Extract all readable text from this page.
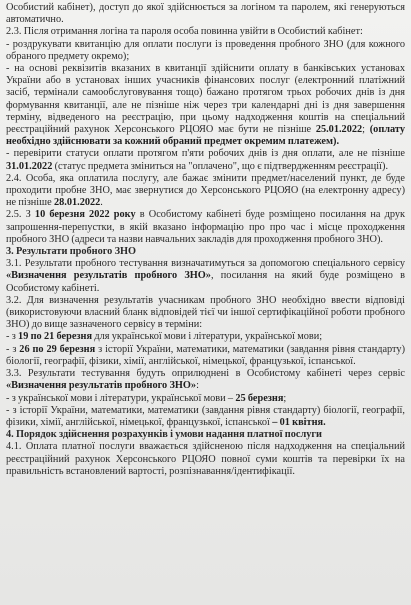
Особистий кабінет), доступ до якої здійснюється за логіном та паролем, які генеруються автоматично.

2.3. Після отримання логіна та пароля особа повинна увійти в Особистий кабінет:

- роздрукувати квитанцію для оплати послуги із проведення пробного ЗНО (для кожного обраного предмету окремо);

- на основі реквізитів вказаних в квитанції здійснити оплату в банківських установах України або в установах інших учасників фінансових послуг (електронний платіжний засіб, термінали самообслуговування тощо) бажано протягом трьох робочих днів із дня формування квитанції, але не пізніше ніж через три календарні дні із дня завершення терміну, відведеного на реєстрацію, при цьому надходження коштів на спеціальний реєстраційний рахунок Херсонського РЦОЯО має бути не пізніше 25.01.2022; (оплату необхідно здійснювати за кожний обраний предмет окремим платежем).

- перевірити статуси оплати протягом п'яти робочих днів із дня оплати, але не пізніше 31.01.2022 (статус предмета зміниться на "оплачено", що є підтвердженням реєстрації).

2.4. Особа, яка оплатила послугу, але бажає змінити предмет/населений пункт, де буде проходити пробне ЗНО, має звернутися до Херсонського РЦОЯО (на електронну адресу) не пізніше 28.01.2022.

2.5. З 10 березня 2022 року в Особистому кабінеті буде розміщено посилання на друк запрошення-перепустки, в якій вказано інформацію про про час і місце проходження пробного ЗНО (адреси та назви навчальних закладів для проходження пробного ЗНО).

3. Результати пробного ЗНО

3.1. Результати пробного тестування визначатимуться за допомогою спеціального сервісу «Визначення результатів пробного ЗНО», посилання на який буде розміщено в Особистому кабінеті.

3.2. Для визначення результатів учасникам пробного ЗНО необхідно ввести відповіді (використовуючи власний бланк відповідей тієї чи іншої сертифікаційної роботи пробного ЗНО) до вище зазначеного сервісу в терміни:

- з 19 по 21 березня для української мови і літератури, української мови;

- з 26 по 29 березня з історії України, математики, математики (завдання рівня стандарту) біології, географії, фізики, хімії, англійської, німецької, французької, іспанської.

3.3. Результати тестування будуть оприлюднені в Особистому кабінеті через сервіс «Визначення результатів пробного ЗНО»:

- з української мови і літератури, української мови – 25 березня;

- з історії України, математики, математики (завдання рівня стандарту) біології, географії, фізики, хімії, англійської, німецької, французької, іспанської – 01 квітня.

4. Порядок здійснення розрахунків і умови надання платної послуги

4.1. Оплата платної послуги вважається здійсненою після надходження на спеціальний реєстраційний рахунок Херсонського РЦОЯО повної суми коштів та перевірки їх на правильність встановлений вартості, розпізнавання/ідентифікації.
